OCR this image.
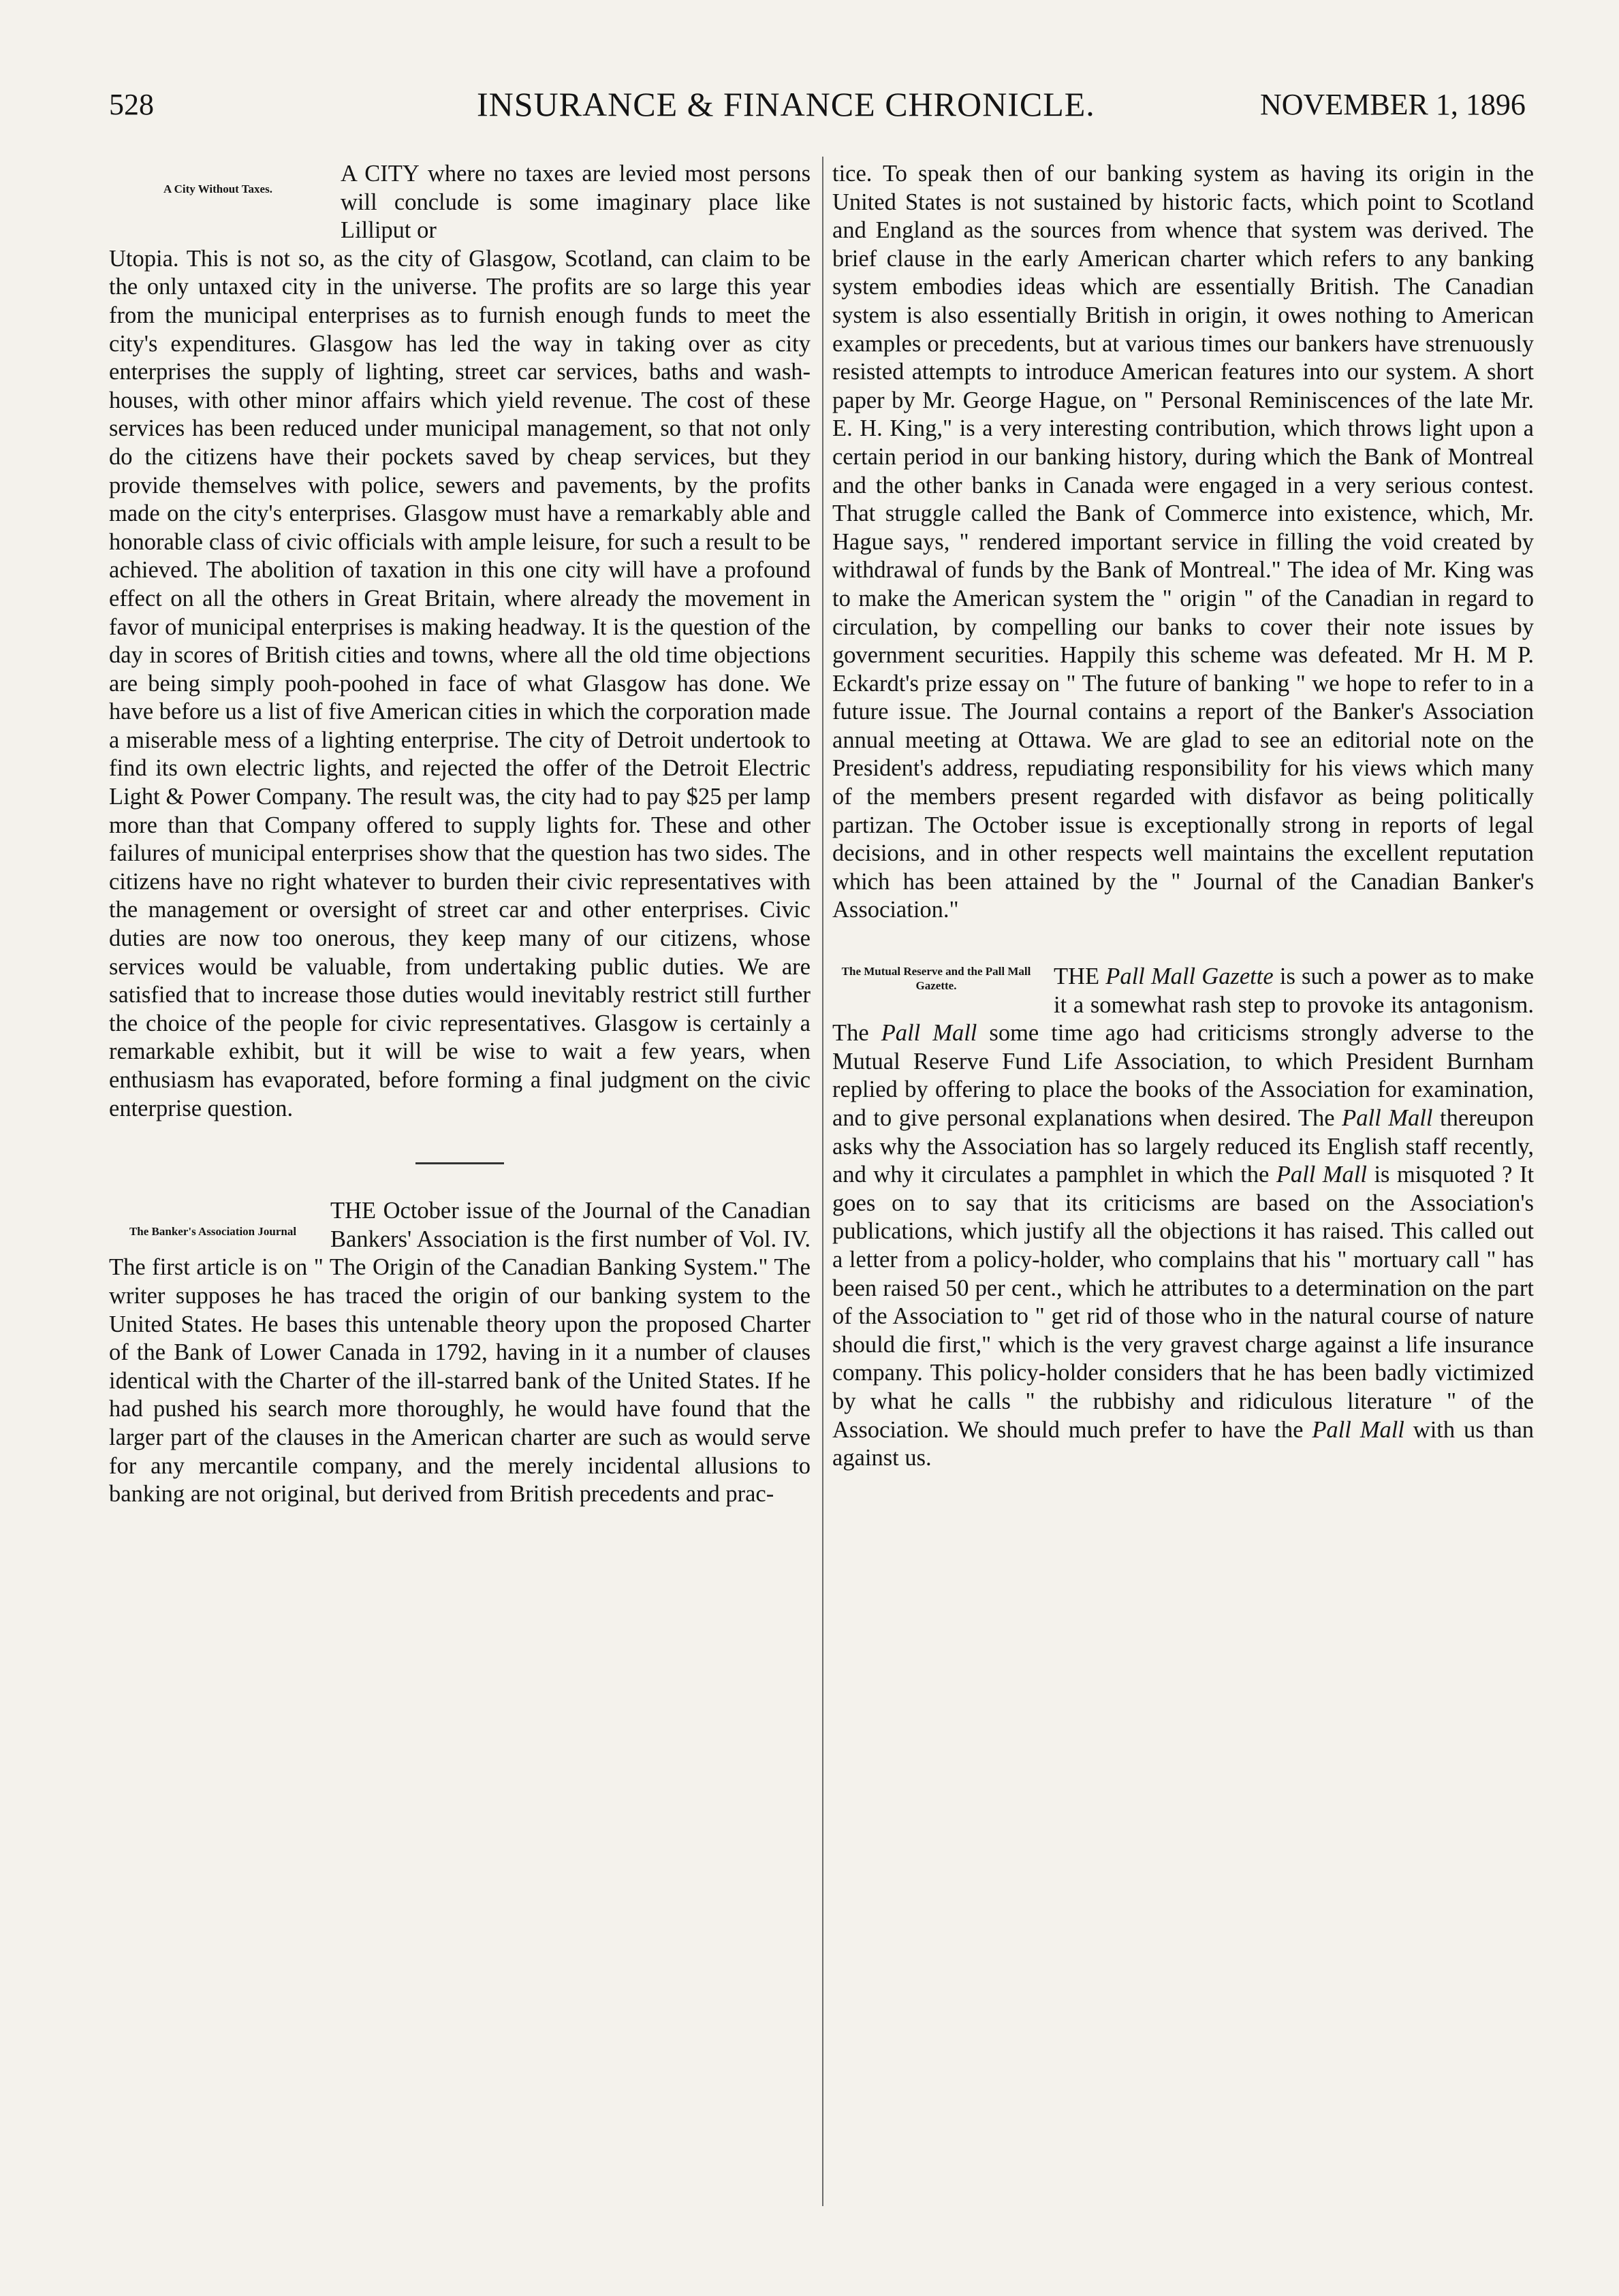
528	INSURANCE & FINANCE CHRONICLE.	NOVEMBER 1, 1896
A City Without Taxes.

A CITY where no taxes are levied most persons will conclude is some imaginary place like Lilliput or

Utopia. This is not so, as the city of Glasgow, Scotland, can claim to be the only untaxed city in the universe. The profits are so large this year from the municipal enterprises as to furnish enough funds to meet the city's expenditures. Glasgow has led the way in taking over as city enterprises the supply of lighting, street car services, baths and wash-houses, with other minor affairs which yield revenue. The cost of these services has been reduced under municipal management, so that not only do the citizens have their pockets saved by cheap services, but they provide themselves with police, sewers and pavements, by the profits made on the city's enterprises. Glasgow must have a remarkably able and honorable class of civic officials with ample leisure, for such a result to be achieved. The abolition of taxation in this one city will have a profound effect on all the others in Great Britain, where already the movement in favor of municipal enterprises is making headway. It is the question of the day in scores of British cities and towns, where all the old time objections are being simply pooh-poohed in face of what Glasgow has done. We have before us a list of five American cities in which the corporation made a miserable mess of a lighting enterprise. The city of Detroit undertook to find its own electric lights, and rejected the offer of the Detroit Electric Light & Power Company. The result was, the city had to pay $25 per lamp more than that Company offered to supply lights for. These and other failures of municipal enterprises show that the question has two sides. The citizens have no right whatever to burden their civic representatives with the management or oversight of street car and other enterprises. Civic duties are now too onerous, they keep many of our citizens, whose services would be valuable, from undertaking public duties. We are satisfied that to increase those duties would inevitably restrict still further the choice of the people for civic representatives. Glasgow is certainly a remarkable exhibit, but it will be wise to wait a few years, when enthusiasm has evaporated, before forming a final judgment on the civic enterprise question.

The Banker's Association Journal

THE October issue of the Journal of the Canadian Bankers' Association is the first number of Vol. IV. The first article is on " The Origin of the Canadian Banking System." The writer supposes he has traced the origin of our banking system to the United States. He bases this untenable theory upon the proposed Charter of the Bank of Lower Canada in 1792, having in it a number of clauses identical with the Charter of the ill-starred bank of the United States. If he had pushed his search more thoroughly, he would have found that the larger part of the clauses in the American charter are such as would serve for any mercantile company, and the merely incidental allusions to banking are not original, but derived from British precedents and prac-

tice. To speak then of our banking system as having its origin in the United States is not sustained by historic facts, which point to Scotland and England as the sources from whence that system was derived. The brief clause in the early American charter which refers to any banking system embodies ideas which are essentially British. The Canadian system is also essentially British in origin, it owes nothing to American examples or precedents, but at various times our bankers have strenuously resisted attempts to introduce American features into our system. A short paper by Mr. George Hague, on " Personal Reminiscences of the late Mr. E. H. King," is a very interesting contribution, which throws light upon a certain period in our banking history, during which the Bank of Montreal and the other banks in Canada were engaged in a very serious contest. That struggle called the Bank of Commerce into existence, which, Mr. Hague says, " rendered important service in filling the void created by withdrawal of funds by the Bank of Montreal." The idea of Mr. King was to make the American system the " origin " of the Canadian in regard to circulation, by compelling our banks to cover their note issues by government securities. Happily this scheme was defeated. Mr H. M P. Eckardt's prize essay on " The future of banking " we hope to refer to in a future issue. The Journal contains a report of the Banker's Association annual meeting at Ottawa. We are glad to see an editorial note on the President's address, repudiating responsibility for his views which many of the members present regarded with disfavor as being politically partizan. The October issue is exceptionally strong in reports of legal decisions, and in other respects well maintains the excellent reputation which has been attained by the " Journal of the Canadian Banker's Association."

The Mutual Reserve and the Pall Mall Gazette.	THE Pall Mall Gazette is such a power as to make it a somewhat rash step to provoke its antagonism. The Pall Mall some time ago had criticisms strongly adverse to the Mutual Reserve Fund Life Association, to which President Burnham replied by offering to place the books of the Association for examination, and to give personal explanations when desired. The Pall Mall thereupon asks why the Association has so largely reduced its English staff recently, and why it circulates a pamphlet in which the Pall Mall is misquoted ? It goes on to say that its criticisms are based on the Association's publications, which justify all the objections it has raised. This called out a letter from a policy-holder, who complains that his " mortuary call " has been raised 50 per cent., which he attributes to a determination on the part of the Association to " get rid of those who in the natural course of nature should die first," which is the very gravest charge against a life insurance company. This policy-holder considers that he has been badly victimized by what he calls " the rubbishy and ridiculous literature " of the Association. We should much prefer to have the Pall Mall with us than against us.
